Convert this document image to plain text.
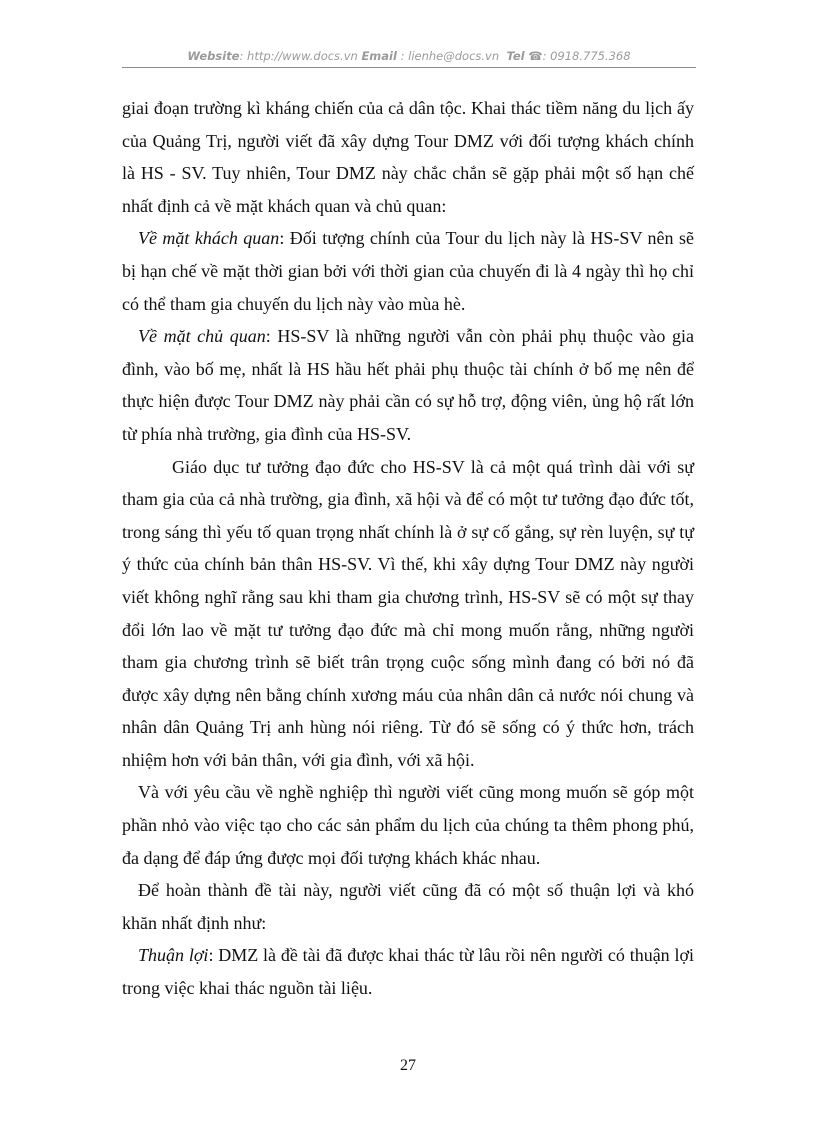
Website: http://www.docs.vn Email : lienhe@docs.vn Tel ☎: 0918.775.368

giai đoạn trường kì kháng chiến của cả dân tộc. Khai thác tiềm năng du lịch ấy của Quảng Trị, người viết đã xây dựng Tour DMZ với đối tượng khách chính là HS - SV. Tuy nhiên, Tour DMZ này chắc chắn sẽ gặp phải một số hạn chế nhất định cả về mặt khách quan và chủ quan:

Về mặt khách quan: Đối tượng chính của Tour du lịch này là HS-SV nên sẽ bị hạn chế về mặt thời gian bởi với thời gian của chuyến đi là 4 ngày thì họ chỉ có thể tham gia chuyến du lịch này vào mùa hè.

Về mặt chủ quan: HS-SV là những người vẫn còn phải phụ thuộc vào gia đình, vào bố mẹ, nhất là HS hầu hết phải phụ thuộc tài chính ở bố mẹ nên để thực hiện được Tour DMZ này phải cần có sự hỗ trợ, động viên, ủng hộ rất lớn từ phía nhà trường, gia đình của HS-SV.

Giáo dục tư tưởng đạo đức cho HS-SV là cả một quá trình dài với sự tham gia của cả nhà trường, gia đình, xã hội và để có một tư tưởng đạo đức tốt, trong sáng thì yếu tố quan trọng nhất chính là ở sự cố gắng, sự rèn luyện, sự tự ý thức của chính bản thân HS-SV. Vì thế, khi xây dựng Tour DMZ này người viết không nghĩ rằng sau khi tham gia chương trình, HS-SV sẽ có một sự thay đổi lớn lao về mặt tư tưởng đạo đức mà chỉ mong muốn rằng, những người tham gia chương trình sẽ biết trân trọng cuộc sống mình đang có bởi nó đã được xây dựng nên bằng chính xương máu của nhân dân cả nước nói chung và nhân dân Quảng Trị anh hùng nói riêng. Từ đó sẽ sống có ý thức hơn, trách nhiệm hơn với bản thân, với gia đình, với xã hội.

Và với yêu cầu về nghề nghiệp thì người viết cũng mong muốn sẽ góp một phần nhỏ vào việc tạo cho các sản phẩm du lịch của chúng ta thêm phong phú, đa dạng để đáp ứng được mọi đối tượng khách khác nhau.

Để hoàn thành đề tài này, người viết cũng đã có một số thuận lợi và khó khăn nhất định như:

Thuận lợi: DMZ là đề tài đã được khai thác từ lâu rồi nên người có thuận lợi trong việc khai thác nguồn tài liệu.

27
